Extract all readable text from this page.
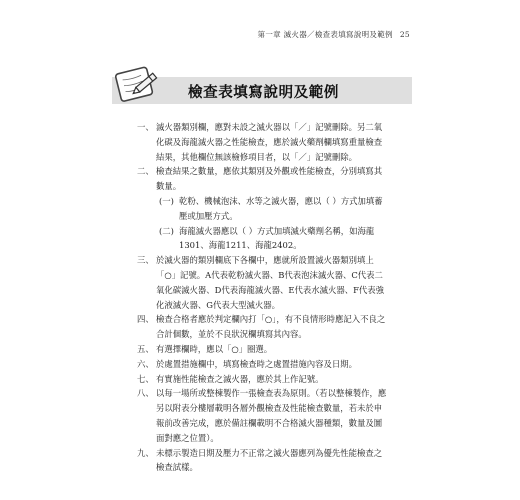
第一章 滅火器／檢查表填寫說明及範例 25
檢查表填寫說明及範例
一、 滅火器類別欄，應對未設之滅火器以「／」記號刪除。另二氧化碳及海龍滅火器之性能檢查，應於滅火藥劑欄填寫重量檢查結果，其他欄位無該檢修項目者，以「／」記號刪除。
二、 檢查結果之數量，應依其類別及外觀或性能檢查，分別填寫其數量。
(一) 乾粉、機械泡沫、水等之滅火器，應以（ ）方式加填蓄壓或加壓方式。
(二) 海龍滅火器應以（ ）方式加填滅火藥劑名稱，如海龍1301、海龍1211、海龍2402。
三、 於滅火器的類別欄底下各欄中，應就所設置滅火器類別填上「○」記號。A代表乾粉滅火器、B代表泡沫滅火器、C代表二氧化碳滅火器、D代表海龍滅火器、E代表水滅火器、F代表強化液滅火器、G代表大型滅火器。
四、 檢查合格者應於判定欄內打「○」，有不良情形時應記入不良之合計個數，並於不良狀況欄填寫其內容。
五、 有選擇欄時，應以「○」圈選。
六、 於處置措施欄中，填寫檢查時之處置措施內容及日期。
七、 有實施性能檢查之滅火器，應於其上作記號。
八、 以每一場所或整棟製作一張檢查表為原則。（若以整棟製作，應另以附表分樓層載明各層外觀檢查及性能檢查數量，若未於申報前改善完成，應於備註欄載明不合格滅火器種類，數量及圖面對應之位置）。
九、 未標示製造日期及壓力不正常之滅火器應列為優先性能檢查之檢查試樣。
